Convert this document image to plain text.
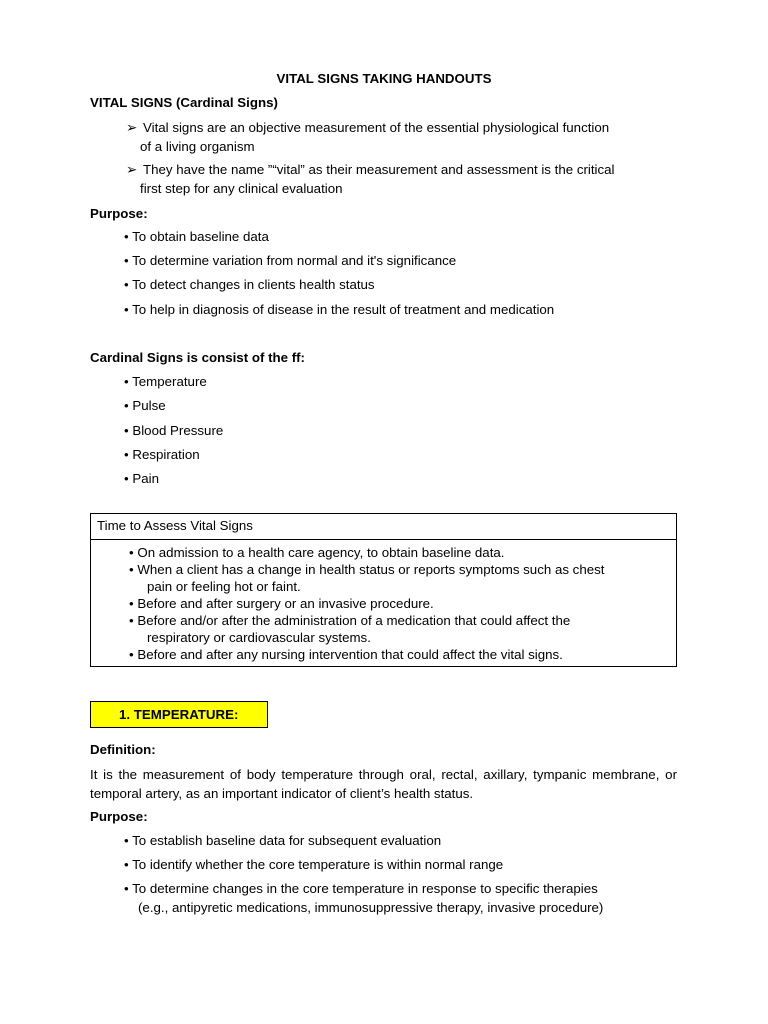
VITAL SIGNS TAKING HANDOUTS
VITAL SIGNS (Cardinal Signs)
➢ Vital signs are an objective measurement of the essential physiological function
of a living organism
➢ They have the name ”“vital” as their measurement and assessment is the critical
first step for any clinical evaluation
Purpose:
• To obtain baseline data
• To determine variation from normal and it's significance
• To detect changes in clients health status
• To help in diagnosis of disease in the result of treatment and medication
Cardinal Signs is consist of the ff:
• Temperature
• Pulse
• Blood Pressure
• Respiration
• Pain
Time to Assess Vital Signs
• On admission to a health care agency, to obtain baseline data.
• When a client has a change in health status or reports symptoms such as chest
pain or feeling hot or faint.
• Before and after surgery or an invasive procedure.
• Before and/or after the administration of a medication that could affect the
respiratory or cardiovascular systems.
• Before and after any nursing intervention that could affect the vital signs.
1. TEMPERATURE:
Definition:
It is the measurement of body temperature through oral, rectal, axillary, tympanic membrane, or temporal artery, as an important indicator of client’s health status.
Purpose:
• To establish baseline data for subsequent evaluation
• To identify whether the core temperature is within normal range
• To determine changes in the core temperature in response to specific therapies
(e.g., antipyretic medications, immunosuppressive therapy, invasive procedure)
